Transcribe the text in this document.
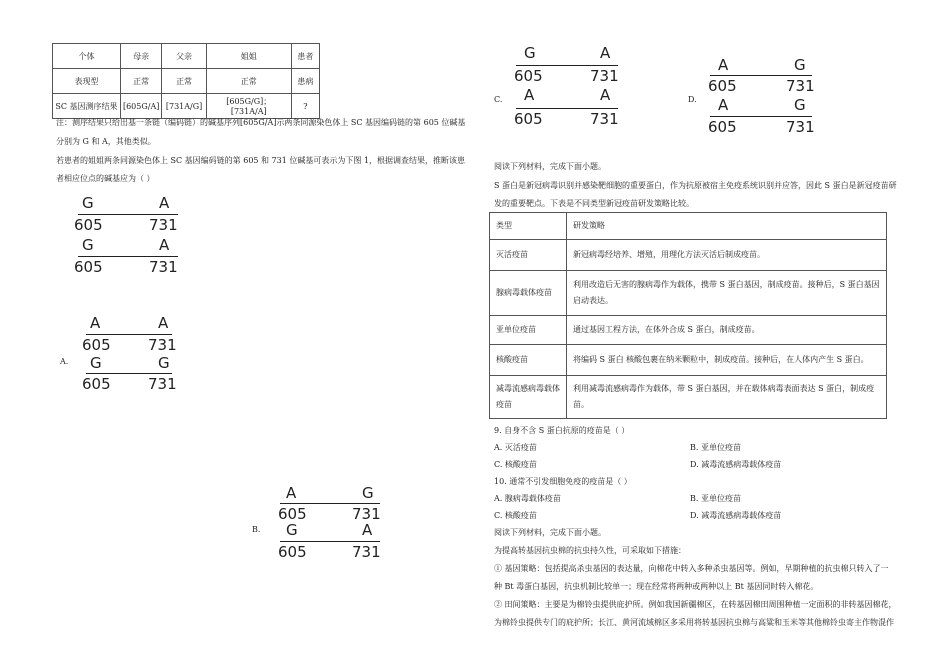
个体	母亲	父亲	姐姐	患者
表现型	正常	正常	正常	患病
SC 基因测序结果	[605G/A]	[731A/G]	[605G/G]；[731A/A]	?
注：测序结果只给出基一条链（编码链）的碱基序列[605G/A]示两条同源染色体上 SC 基因编码链的第 605 位碱基
分别为 G 和 A，其他类似。
若患者的姐姐两条同源染色体上 SC 基因编码链的第 605 和 731 位碱基可表示为下图 1，根据调查结果，推断该患
者相应位点的碱基应为（ ）
G	A
605	731
G	A
605	731
A.
A	A
605 731
G	G
605 731
B.
A	G
605	731
G	A
605	731
C.
G	A
605	731
A	A
605	731
D.
A	G
605	731
A	G
605	731
阅读下列材料，完成下面小题。
S 蛋白是新冠病毒识别并感染靶细胞的重要蛋白，作为抗原被宿主免疫系统识别并应答，因此 S 蛋白是新冠疫苗研
发的重要靶点。下表是不同类型新冠疫苗研发策略比较。
类型	研发策略
灭活疫苗	新冠病毒经培养、增殖，用理化方法灭活后制成疫苗。
腺病毒载体疫苗	利用改造后无害的腺病毒作为载体，携带 S 蛋白基因，制成疫苗。接种后，S 蛋白基因启动表达。
亚单位疫苗	通过基因工程方法，在体外合成 S 蛋白，制成疫苗。
核酸疫苗	将编码 S 蛋白 核酸包裹在纳米颗粒中，制成疫苗。接种后，在人体内产生 S 蛋白。
减毒流感病毒载体疫苗	利用减毒流感病毒作为载体，带 S 蛋白基因，并在载体病毒表面表达 S 蛋白，制成疫苗。
9. 自身不含 S 蛋白抗原的疫苗是（ ）
A. 灭活疫苗	B. 亚单位疫苗
C. 核酸疫苗	D. 减毒流感病毒载体疫苗
10. 通常不引发细胞免疫的疫苗是（ ）
A. 腺病毒载体疫苗	B. 亚单位疫苗
C. 核酸疫苗	D. 减毒流感病毒载体疫苗
阅读下列材料，完成下面小题。
为提高转基因抗虫棉的抗虫持久性，可采取如下措施：
① 基因策略：包括提高杀虫基因的表达量，向棉花中转入多种杀虫基因等。例如，早期种植的抗虫棉只转入了一
种 Bt 毒蛋白基因，抗虫机制比较单一；现在经常将两种或两种以上 Bt 基因同时转入棉花。
② 田间策略：主要是为棉铃虫提供庇护所。例如我国新疆棉区，在转基因棉田周围种植一定面积的非转基因棉花，
为棉铃虫提供专门的庇护所；长江、黄河流域棉区多采用将转基因抗虫棉与高粱和玉米等其他棉铃虫寄主作物混作
